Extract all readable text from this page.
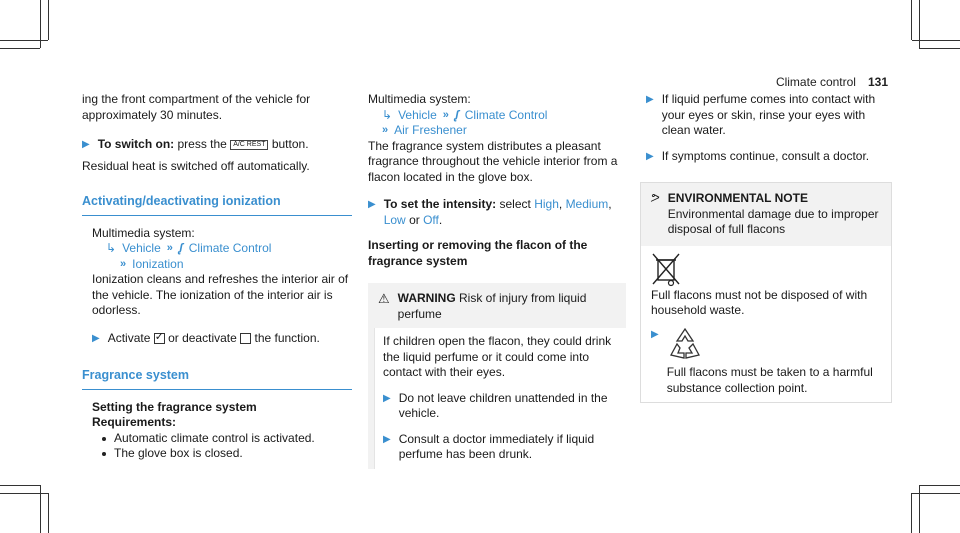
Climate control 131

ing the front compartment of the vehicle for approximately 30 minutes.

▶ To switch on: press the A/C REST button.

Residual heat is switched off automatically.

Activating/deactivating ionization

Multimedia system:

↳ Vehicle » ᶘ Climate Control
» Ionization

Ionization cleans and refreshes the interior air of the vehicle. The ionization of the interior air is odorless.

▶ Activate ✓ or deactivate the function.

Fragrance system

Setting the fragrance system

Requirements:

Automatic climate control is activated.
The glove box is closed.

Multimedia system:

↳ Vehicle » ᶘ Climate Control
» Air Freshener

The fragrance system distributes a pleasant fragrance throughout the vehicle interior from a flacon located in the glove box.

▶ To set the intensity: select High, Medium, Low or Off.

Inserting or removing the flacon of the fragrance system

⚠ WARNING Risk of injury from liquid perfume

If children open the flacon, they could drink the liquid perfume or it could come into contact with their eyes.

▶ Do not leave children unattended in the vehicle.

▶ Consult a doctor immediately if liquid perfume has been drunk.

▶ If liquid perfume comes into contact with your eyes or skin, rinse your eyes with clean water.

▶ If symptoms continue, consult a doctor.

ᕗ ENVIRONMENTAL NOTE Environmental damage due to improper disposal of full flacons

Full flacons must not be disposed of with household waste.

▶

Full flacons must be taken to a harmful substance collection point.
